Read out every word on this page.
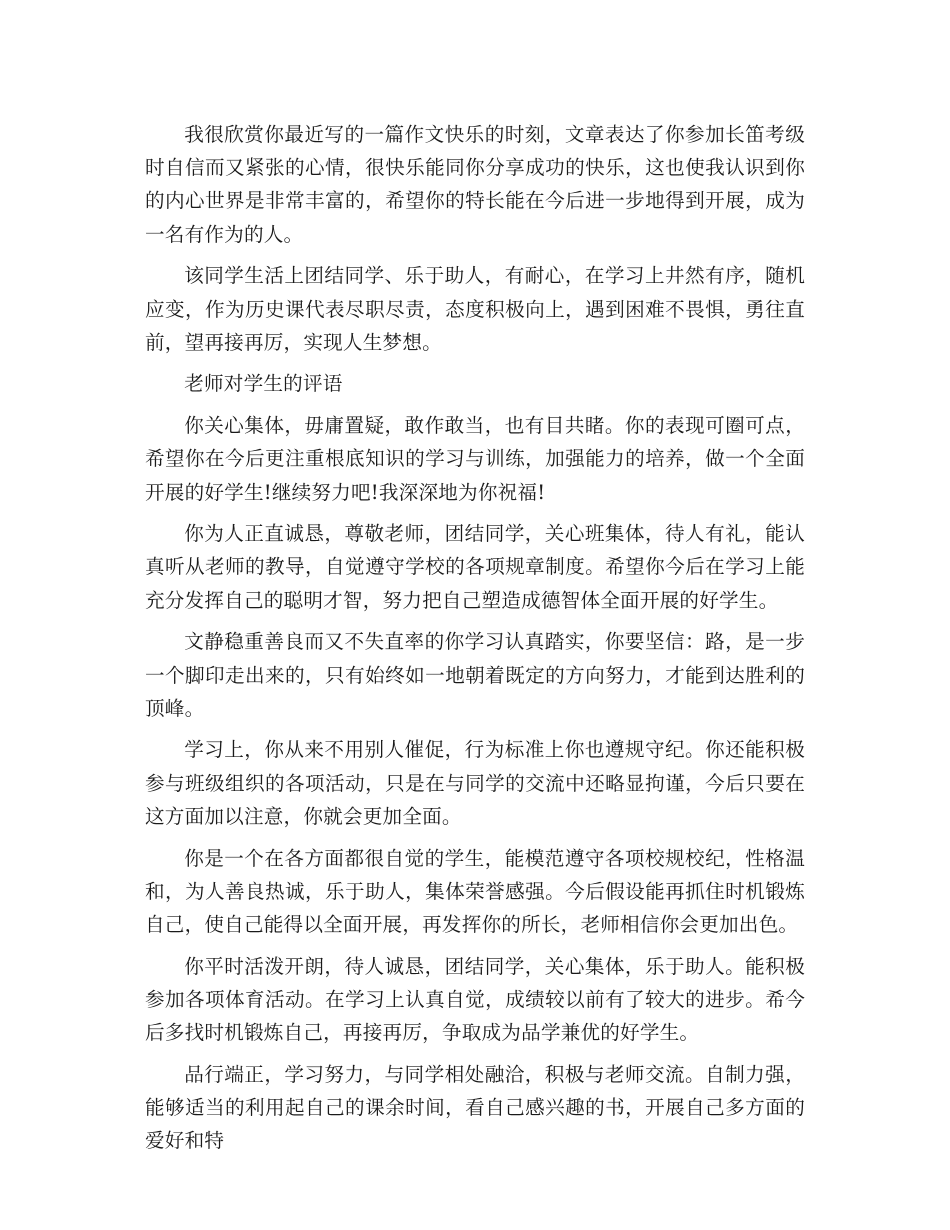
我很欣赏你最近写的一篇作文快乐的时刻，文章表达了你参加长笛考级时自信而又紧张的心情，很快乐能同你分享成功的快乐，这也使我认识到你的内心世界是非常丰富的，希望你的特长能在今后进一步地得到开展，成为一名有作为的人。

该同学生活上团结同学、乐于助人，有耐心，在学习上井然有序，随机应变，作为历史课代表尽职尽责，态度积极向上，遇到困难不畏惧，勇往直前，望再接再厉，实现人生梦想。

老师对学生的评语

你关心集体，毋庸置疑，敢作敢当，也有目共睹。你的表现可圈可点，希望你在今后更注重根底知识的学习与训练，加强能力的培养，做一个全面开展的好学生!继续努力吧!我深深地为你祝福!

你为人正直诚恳，尊敬老师，团结同学，关心班集体，待人有礼，能认真听从老师的教导，自觉遵守学校的各项规章制度。希望你今后在学习上能充分发挥自己的聪明才智，努力把自己塑造成德智体全面开展的好学生。

文静稳重善良而又不失直率的你学习认真踏实，你要坚信：路，是一步一个脚印走出来的，只有始终如一地朝着既定的方向努力，才能到达胜利的顶峰。

学习上，你从来不用别人催促，行为标准上你也遵规守纪。你还能积极参与班级组织的各项活动，只是在与同学的交流中还略显拘谨，今后只要在这方面加以注意，你就会更加全面。

你是一个在各方面都很自觉的学生，能模范遵守各项校规校纪，性格温和，为人善良热诚，乐于助人，集体荣誉感强。今后假设能再抓住时机锻炼自己，使自己能得以全面开展，再发挥你的所长，老师相信你会更加出色。

你平时活泼开朗，待人诚恳，团结同学，关心集体，乐于助人。能积极参加各项体育活动。在学习上认真自觉，成绩较以前有了较大的进步。希今后多找时机锻炼自己，再接再厉，争取成为品学兼优的好学生。

品行端正，学习努力，与同学相处融洽，积极与老师交流。自制力强，能够适当的利用起自己的课余时间，看自己感兴趣的书，开展自己多方面的爱好和特
